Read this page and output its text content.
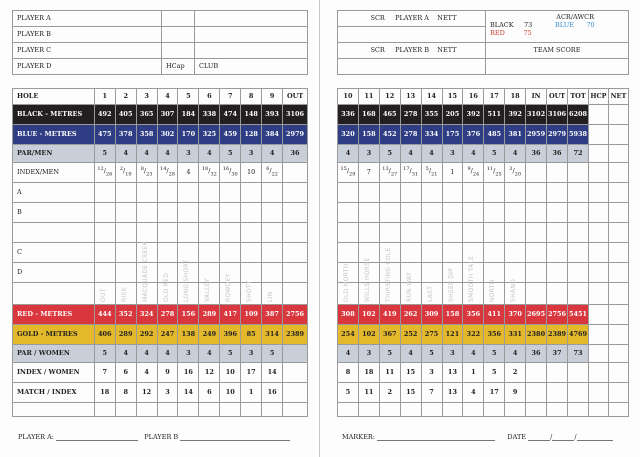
PLAYER A		
PLAYER B		
PLAYER C		
PLAYER D	HCap	CLUB
SCR PLAYER A NETT	ACR/AWCR
BLACK 73 BLUE 70
RED 75

SCR PLAYER B NETT	TEAM SCORE

HOLE	1	2	3	4	5	6	7	8	9	OUT
BLACK - METRES	492	405	365	307	184	338	474	148	393	3106
BLUE - METRES	475	378	358	302	170	325	459	128	384	2979
PAR/MEN	5	4	4	4	3	4	5	3	4	36
INDEX/MEN	$^{12}/_{26}$	$^2/_{19}$	$^8/_{23}$	$^{14}/_{28}$	4	$^{18}/_{32}$	$^{16}/_{30}$	10	$^6/_{22}$	
A										
B										

C										
D										

	OUT	RISK	MACQUADE CREEK	OLD RED	LONG SHORT	VALLEY	ROWDEY	SHOTT	LIN	

RED - METRES	444	352	324	278	156	289	417	109	387	2756
GOLD - METRES	406	289	292	247	138	249	396	85	314	2389
PAR / WOMEN	5	4	4	4	3	4	5	3	5	
INDEX / WOMEN	7	6	4	9	16	12	10	17	14	
MATCH / INDEX	18	8	12	3	14	6	10	1	16	

10	11	12	13	14	15	16	17	18	IN	OUT	TOT	HCP	NET
336	168	465	278	355	205	392	511	392	3102	3106	6208		
320	158	452	278	334	175	376	485	381	2959	2979	5938		
4	3	5	4	4	3	4	5	4	36	36	72		
$^{15}/_{29}$	7	$^{13}/_{27}$	$^{17}/_{31}$	$^5/_{21}$	1	$^9/_{24}$	$^{11}/_{25}$	$^3/_{20}$					

OLD NORTH	WILLS HORSE	THIRSTING COLE	RUN WAY	LAST	SHEEP DIP	SMOOTH TALE	NORTH	SHAND					

308	102	419	262	309	158	356	411	370	2695	2756	5451		
254	102	367	252	275	121	322	356	331	2380	2389	4769		
4	3	5	4	5	3	4	5	4	36	37	73		
8	18	11	15	3	13	1	5	2					
5	11	2	15	7	13	4	17	9					

PLAYER A:	PLAYER B	MARKER:	DATE	/	/
